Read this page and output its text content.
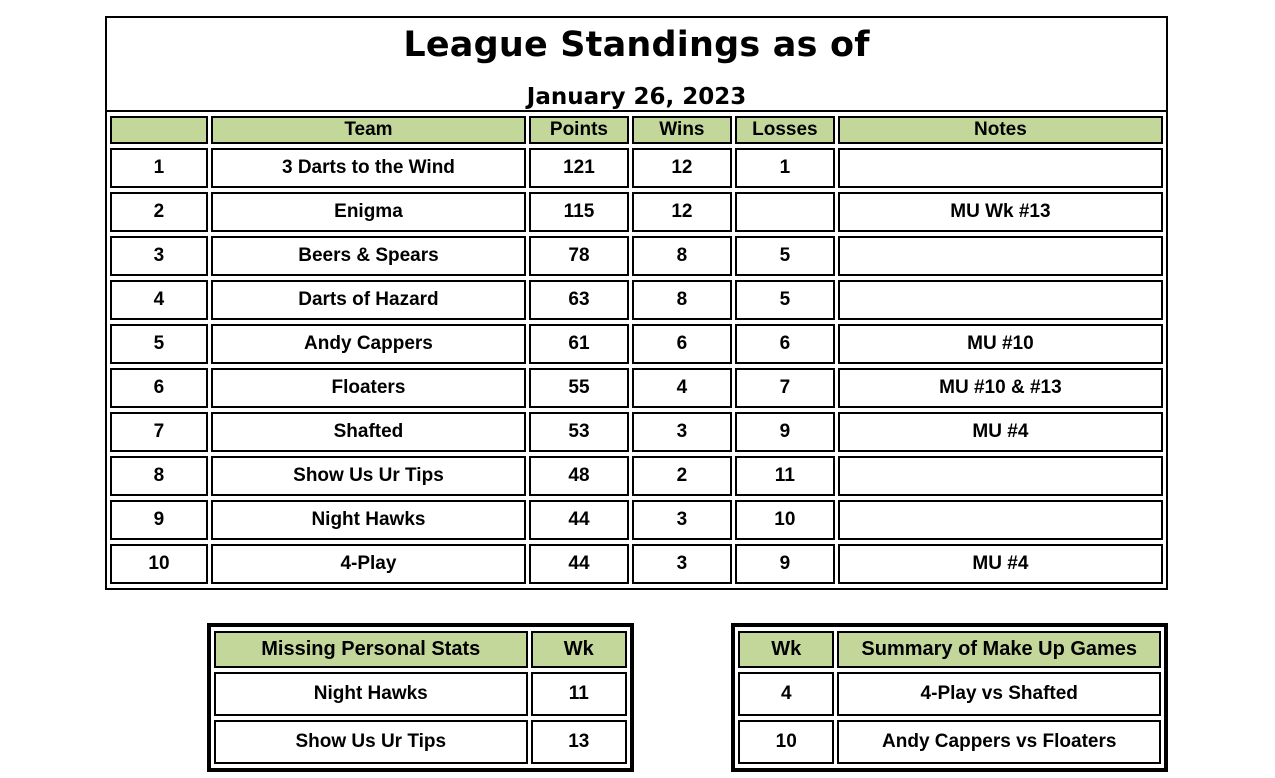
League Standings as of
January 26, 2023
	Team	Points	Wins	Losses	Notes
1	3 Darts to the Wind	121	12	1	
2	Enigma	115	12		MU Wk #13
3	Beers & Spears	78	8	5	
4	Darts of Hazard	63	8	5	
5	Andy Cappers	61	6	6	MU #10
6	Floaters	55	4	7	MU #10 & #13
7	Shafted	53	3	9	MU #4
8	Show Us Ur Tips	48	2	11	
9	Night Hawks	44	3	10	
10	4-Play	44	3	9	MU #4
Missing Personal Stats	Wk
Night Hawks	11
Show Us Ur Tips	13
Wk	Summary of Make Up Games
4	4-Play vs Shafted
10	Andy Cappers vs Floaters
